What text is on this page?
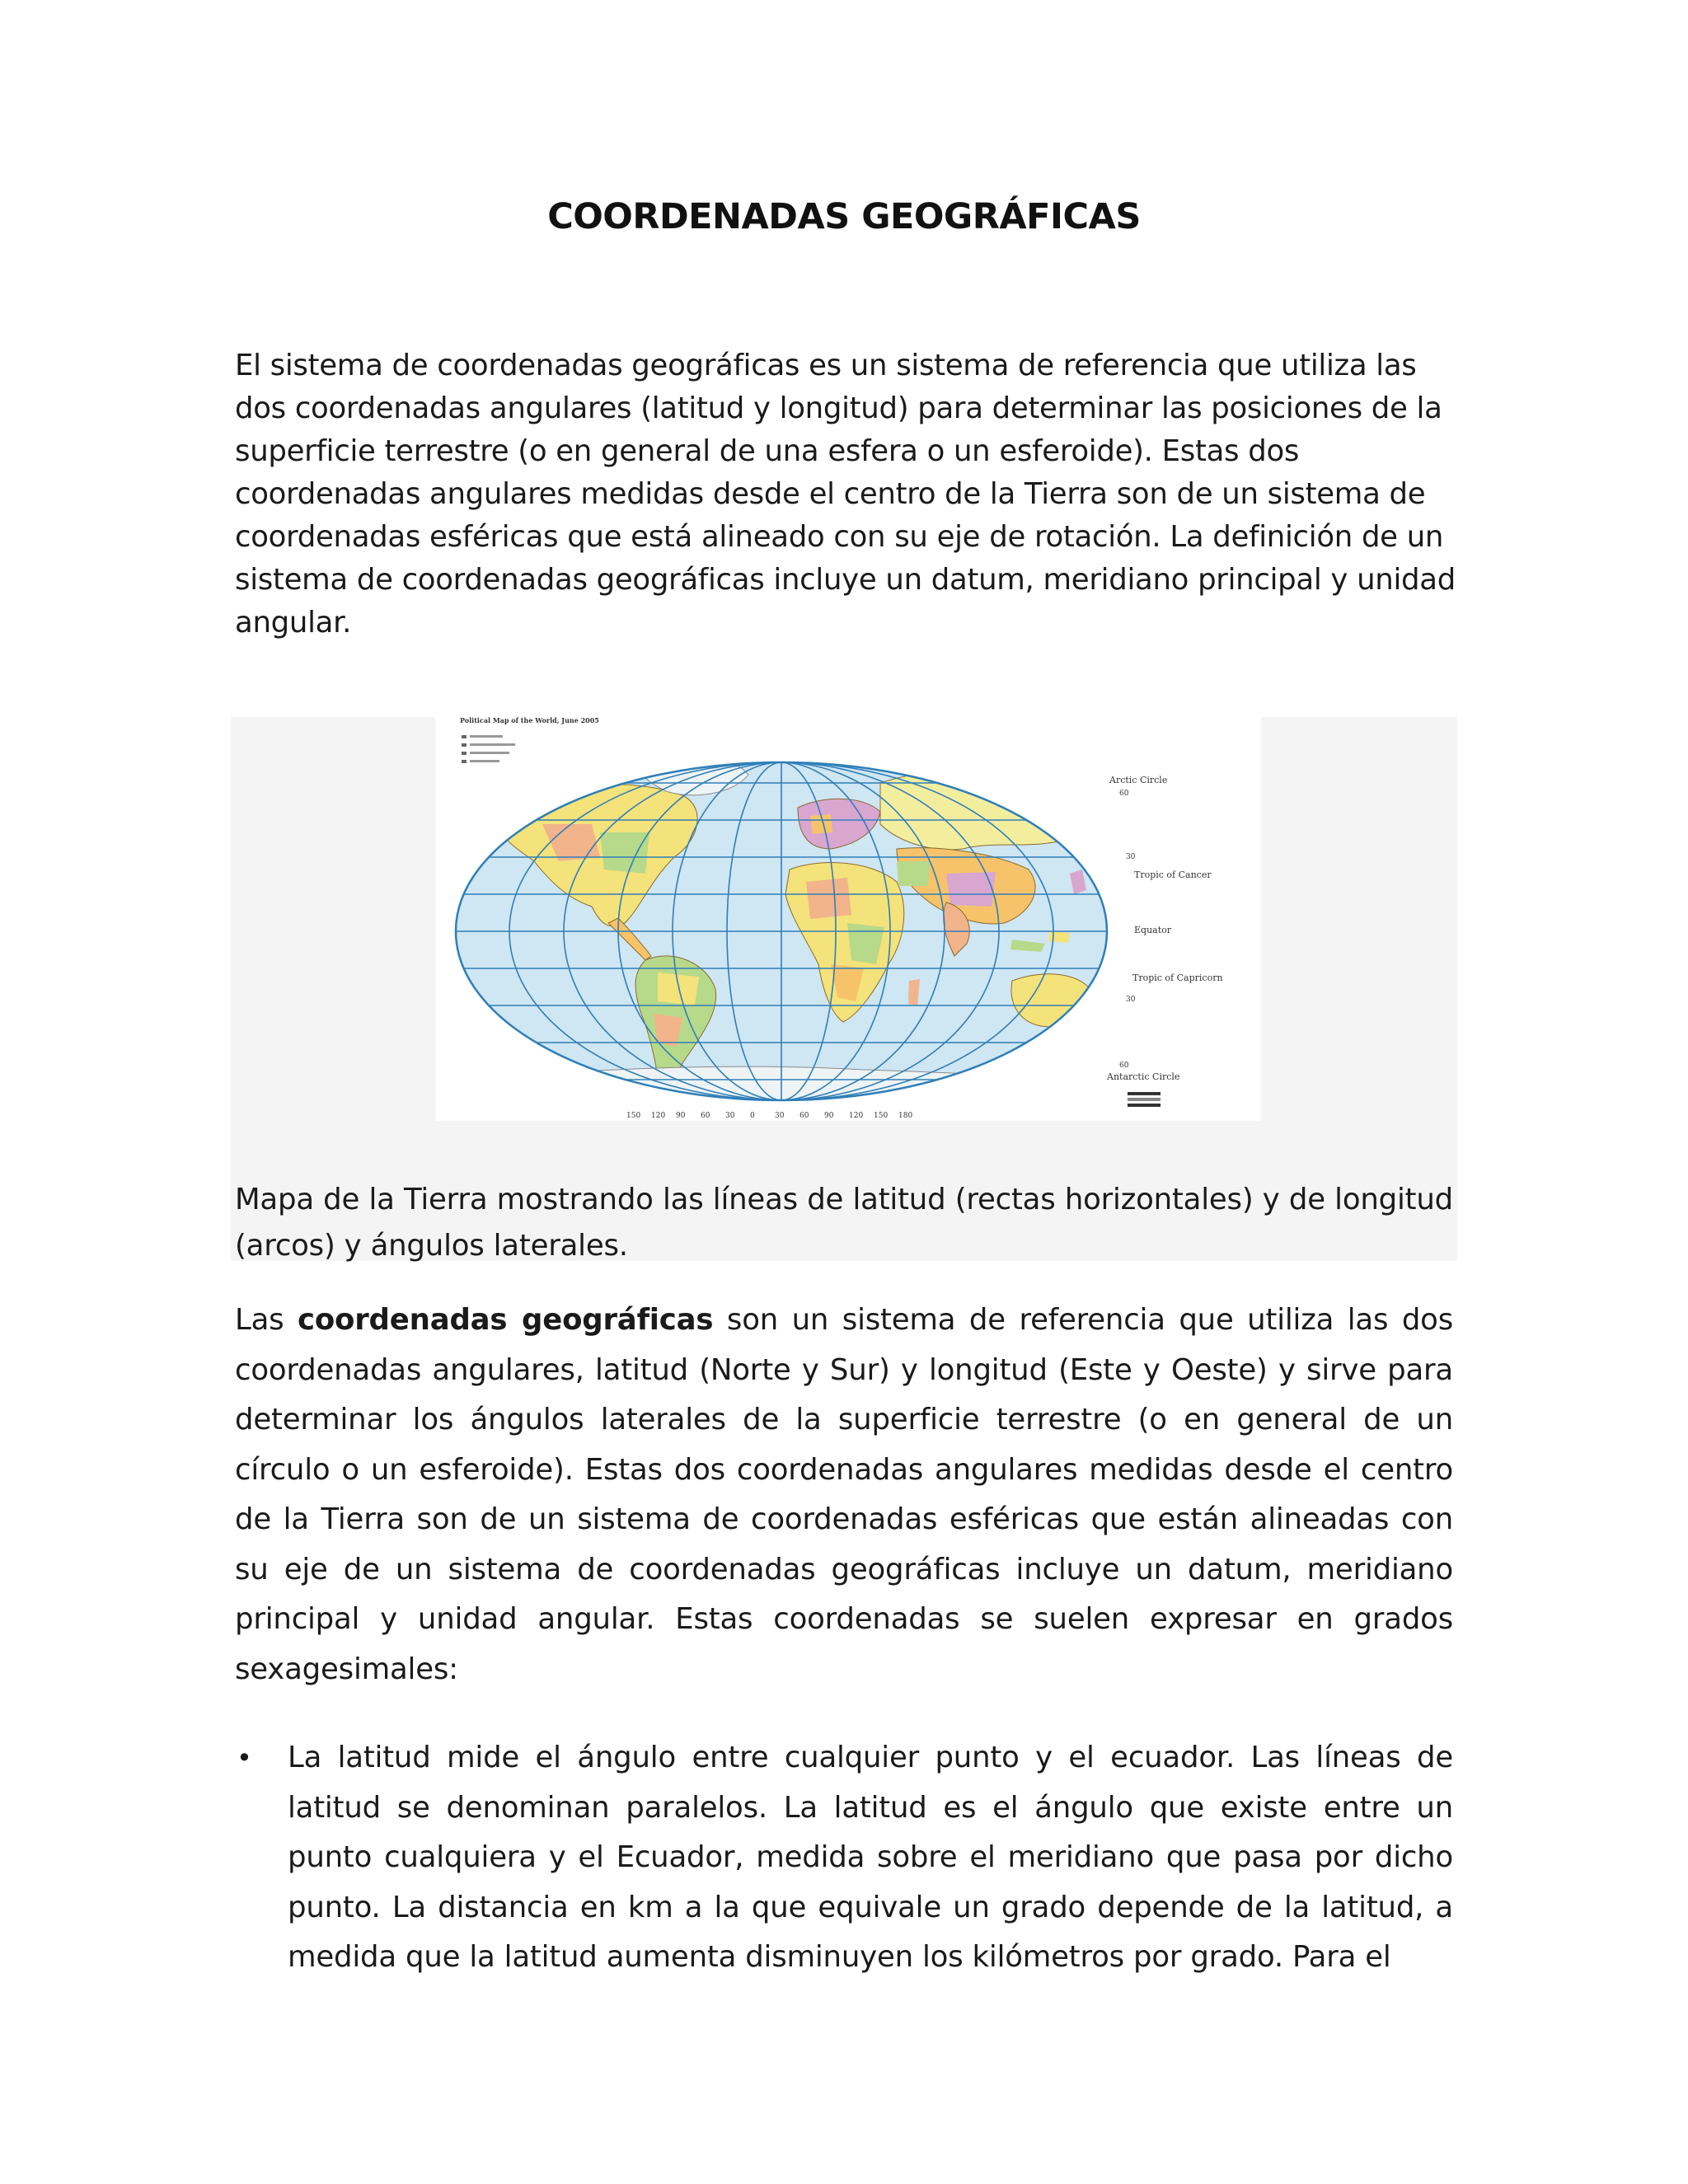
COORDENADAS GEOGRÁFICAS
El sistema de coordenadas geográficas es un sistema de referencia que utiliza las dos coordenadas angulares (latitud y longitud) para determinar las posiciones de la superficie terrestre (o en general de una esfera o un esferoide). Estas dos coordenadas angulares medidas desde el centro de la Tierra son de un sistema de coordenadas esféricas que está alineado con su eje de rotación. La definición de un sistema de coordenadas geográficas incluye un datum, meridiano principal y unidad angular.
Political Map of the World, June 2005
Arctic Circle
60
30
Tropic of Cancer
Equator
Tropic of Capricorn
30
60
Antarctic Circle
150 120 90 60 30 0	30 60 90 120 150 180
Mapa de la Tierra mostrando las líneas de latitud (rectas horizontales) y de longitud (arcos) y ángulos laterales.
Las coordenadas geográficas son un sistema de referencia que utiliza las dos coordenadas angulares, latitud (Norte y Sur) y longitud (Este y Oeste) y sirve para determinar los ángulos laterales de la superficie terrestre (o en general de un círculo o un esferoide). Estas dos coordenadas angulares medidas desde el centro de la Tierra son de un sistema de coordenadas esféricas que están alineadas con su eje de un sistema de coordenadas geográficas incluye un datum, meridiano principal y unidad angular. Estas coordenadas se suelen expresar en grados sexagesimales:
• La latitud mide el ángulo entre cualquier punto y el ecuador. Las líneas de latitud se denominan paralelos. La latitud es el ángulo que existe entre un punto cualquiera y el Ecuador, medida sobre el meridiano que pasa por dicho punto. La distancia en km a la que equivale un grado depende de la latitud, a medida que la latitud aumenta disminuyen los kilómetros por grado. Para el
